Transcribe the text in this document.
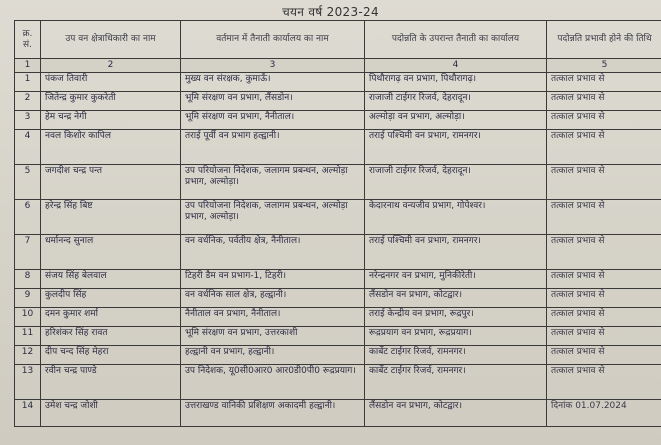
चयन वर्ष 2023-24
क्र. सं.	उप वन क्षेत्राधिकारी का नाम	वर्तमान में तैनाती कार्यालय का नाम	पदोन्नति के उपरान्त तैनाती का कार्यालय	पदोन्नति प्रभावी होने की तिथि
1	2	3	4	5
1	पंकज तिवारी	मुख्य वन संरक्षक, कुमाऊँ।	पिथौरागढ़ वन प्रभाग, पिथौरागढ़।	तत्काल प्रभाव से
2	जितेन्द्र कुमार कुकरेती	भूमि संरक्षण वन प्रभाग, लैंसडोन।	राजाजी टाईगर रिजर्व, देहरादून।	तत्काल प्रभाव से
3	हेम चन्द्र नेगी	भूमि संरक्षण वन प्रभाग, नैनीताल।	अल्मोड़ा वन प्रभाग, अल्मोड़ा।	तत्काल प्रभाव से
4	नवल किशोर कापिल	तराई पूर्वी वन प्रभाग हल्द्वानी।	तराई पश्चिमी वन प्रभाग, रामनगर।	तत्काल प्रभाव से
5	जगदीश चन्द्र पन्त	उप परियोजना निदेशक, जलागम प्रबन्धन, अल्मोड़ा प्रभाग, अल्मोड़ा।	राजाजी टाईगर रिजर्व, देहरादून।	तत्काल प्रभाव से
6	हरेन्द्र सिंह बिष्ट	उप परियोजना निदेशक, जलागम प्रबन्धन, अल्मोड़ा प्रभाग, अल्मोड़ा।	केदारनाथ वन्यजीव प्रभाग, गोपेश्वर।	तत्काल प्रभाव से
7	धर्मानन्द सुनाल	वन वर्धनिक, पर्वतीय क्षेत्र, नैनीताल।	तराई पश्चिमी वन प्रभाग, रामनगर।	तत्काल प्रभाव से
8	संजय सिंह बेलवाल	टिहरी डैम वन प्रभाग-1, टिहरी।	नरेन्द्रनगर वन प्रभाग, मुनिकीरेती।	तत्काल प्रभाव से
9	कुलदीप सिंह	वन वर्धनिक साल क्षेत्र, हल्द्वानी।	लैंसडोन वन प्रभाग, कोटद्वार।	तत्काल प्रभाव से
10	दमन कुमार शर्मा	नैनीताल वन प्रभाग, नैनीताल।	तराई केन्द्रीय वन प्रभाग, रूद्रपुर।	तत्काल प्रभाव से
11	हरिशंकर सिंह रावत	भूमि संरक्षण वन प्रभाग, उत्तरकाशी	रूद्रप्रयाग वन प्रभाग, रूद्रप्रयाग।	तत्काल प्रभाव से
12	दीप चन्द सिंह मेहरा	हल्द्वानी वन प्रभाग, हल्द्वानी।	कार्बेट टाईगर रिजर्व, रामनगर।	तत्काल प्रभाव से
13	रवीन चन्द्र पाण्डे	उप निदेशक, यू0सी0आर0 आर0डी0पी0 रूद्रप्रयाग।	कार्बेट टाईगर रिजर्व, रामनगर।	तत्काल प्रभाव से
14	उमेश चन्द्र जोशी	उत्तराखण्ड वानिकी प्रशिक्षण अकादमी हल्द्वानी।	लैंसडोन वन प्रभाग, कोटद्वार।	दिनांक 01.07.2024
